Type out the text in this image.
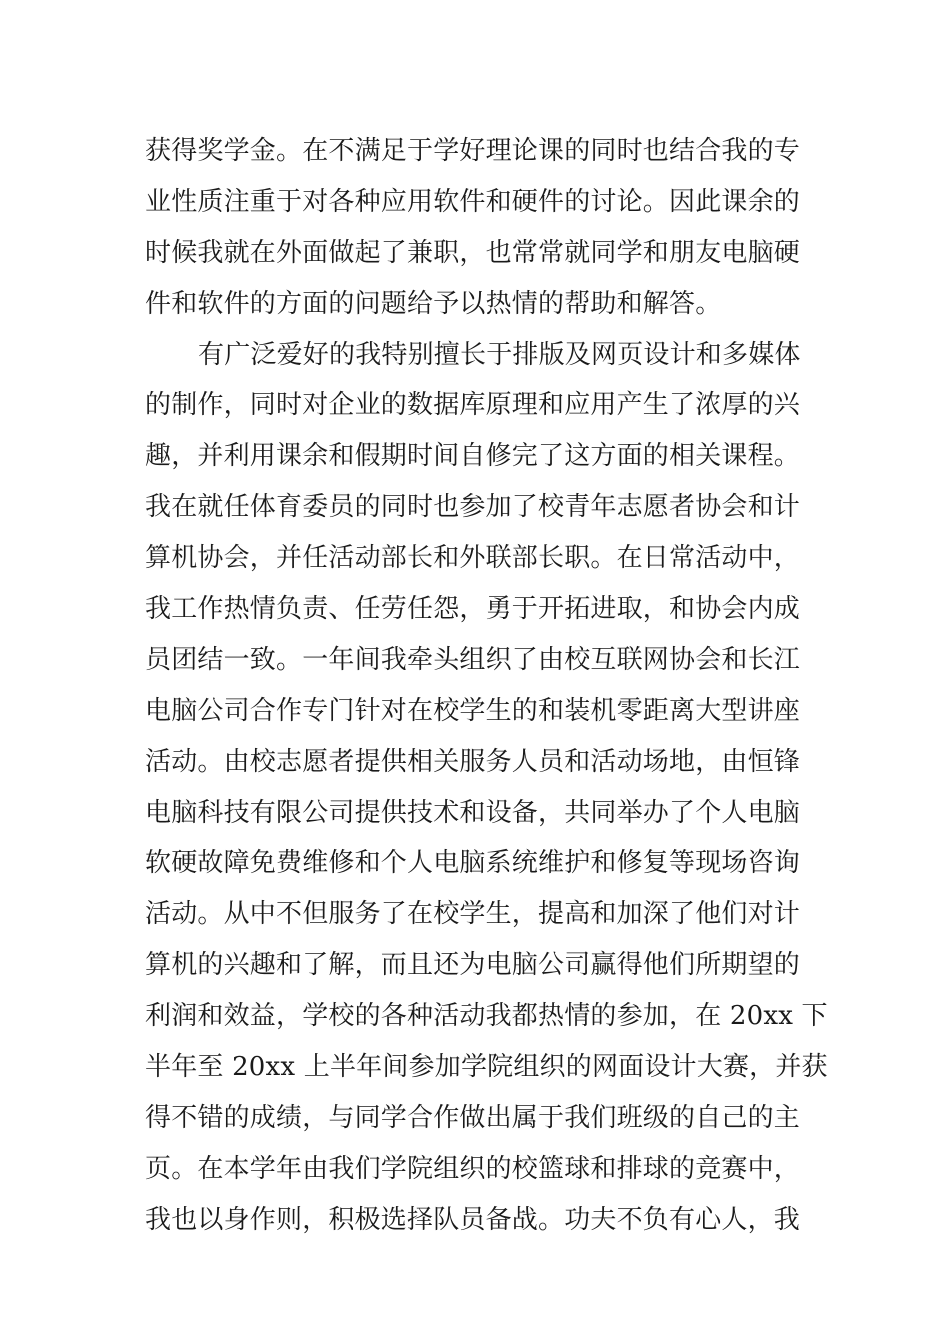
获得奖学金。在不满足于学好理论课的同时也结合我的专
业性质注重于对各种应用软件和硬件的讨论。因此课余的
时候我就在外面做起了兼职，也常常就同学和朋友电脑硬
件和软件的方面的问题给予以热情的帮助和解答。
有广泛爱好的我特别擅长于排版及网页设计和多媒体
的制作，同时对企业的数据库原理和应用产生了浓厚的兴
趣，并利用课余和假期时间自修完了这方面的相关课程。
我在就任体育委员的同时也参加了校青年志愿者协会和计
算机协会，并任活动部长和外联部长职。在日常活动中，
我工作热情负责、任劳任怨，勇于开拓进取，和协会内成
员团结一致。一年间我牵头组织了由校互联网协会和长江
电脑公司合作专门针对在校学生的和装机零距离大型讲座
活动。由校志愿者提供相关服务人员和活动场地，由恒锋
电脑科技有限公司提供技术和设备，共同举办了个人电脑
软硬故障免费维修和个人电脑系统维护和修复等现场咨询
活动。从中不但服务了在校学生，提高和加深了他们对计
算机的兴趣和了解，而且还为电脑公司赢得他们所期望的
利润和效益，学校的各种活动我都热情的参加，在 20xx 下
半年至 20xx 上半年间参加学院组织的网面设计大赛，并获
得不错的成绩，与同学合作做出属于我们班级的自己的主
页。在本学年由我们学院组织的校篮球和排球的竞赛中，
我也以身作则，积极选择队员备战。功夫不负有心人，我
